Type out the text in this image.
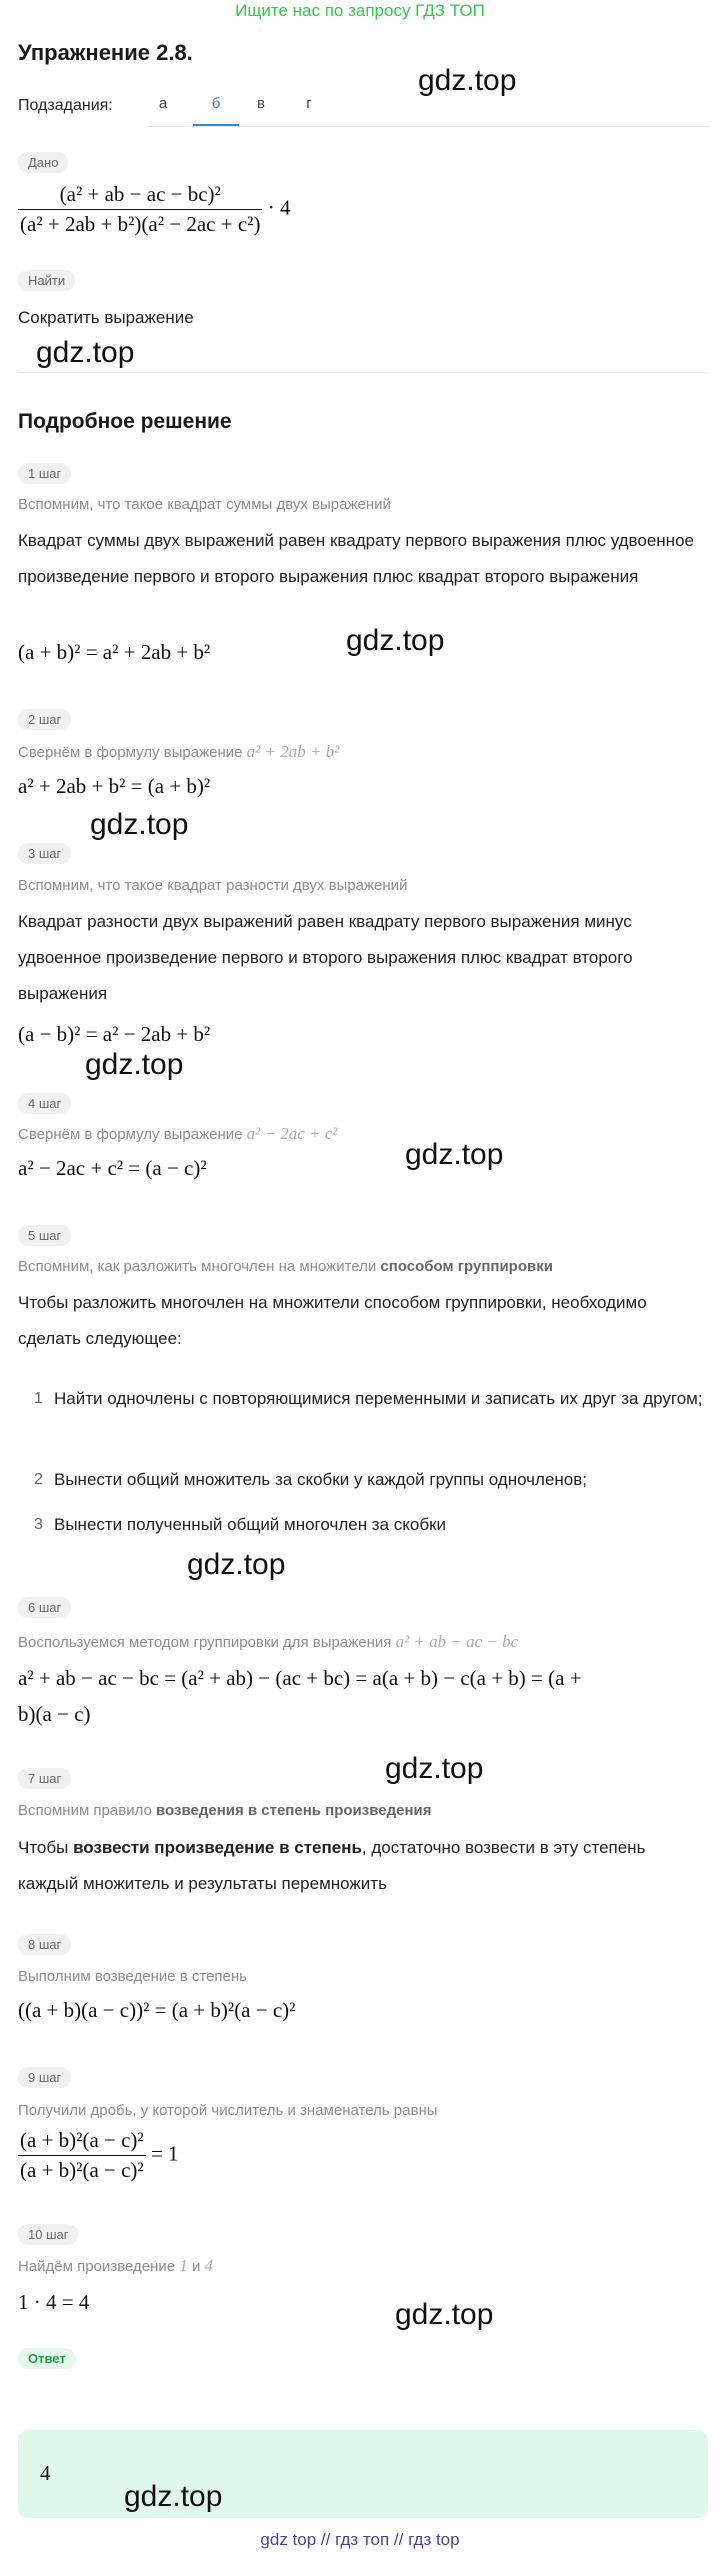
Ищите нас по запросу ГДЗ ТОП
Упражнение 2.8.
gdz.top
Подзадания:	а	б	в	г
Дано
$\frac{\text{(a² + ab − ac − bc)²}}{\text{(a² + 2ab + b²)(a² − 2ac + c²)}} \cdot 4$
Найти
Сократить выражение
gdz.top
Подробное решение
1 шаг
Вспомним, что такое квадрат суммы двух выражений
Квадрат суммы двух выражений равен квадрату первого выражения плюс удвоенное произведение первого и второго выражения плюс квадрат второго выражения
(a + b)² = a² + 2ab + b²	gdz.top
2 шаг
Свернём в формулу выражение a² + 2ab + b²
a² + 2ab + b² = (a + b)²
gdz.top
3 шаг
Вспомним, что такое квадрат разности двух выражений
Квадрат разности двух выражений равен квадрату первого выражения минус удвоенное произведение первого и второго выражения плюс квадрат второго выражения
(a − b)² = a² − 2ab + b²
gdz.top
4 шаг
Свернём в формулу выражение a² − 2ac + c²
a² − 2ac + c² = (a − c)²	gdz.top
5 шаг
Вспомним, как разложить многочлен на множители способом группировки
Чтобы разложить многочлен на множители способом группировки, необходимо сделать следующее:
1 Найти одночлены с повторяющимися переменными и записать их друг за другом;
2 Вынести общий множитель за скобки у каждой группы одночленов;
3 Вынести полученный общий многочлен за скобки
gdz.top
6 шаг
Воспользуемся методом группировки для выражения a² + ab − ac − bc
a² + ab − ac − bc = (a² + ab) − (ac + bc) = a(a + b) − c(a + b) = (a +
b)(a − c)
gdz.top
7 шаг
Вспомним правило возведения в степень произведения
Чтобы возвести произведение в степень, достаточно возвести в эту степень каждый множитель и результаты перемножить
8 шаг
Выполним возведение в степень
((a + b)(a − c))² = (a + b)²(a − c)²
9 шаг
Получили дробь, у которой числитель и знаменатель равны
$\frac{\text{(a + b)²(a − c)²}}{\text{(a + b)²(a − c)²}} = 1$
10 шаг
Найдём произведение 1 и 4
1 · 4 = 4	gdz.top
Ответ
4
gdz.top
gdz top // гдз топ // гдз top
